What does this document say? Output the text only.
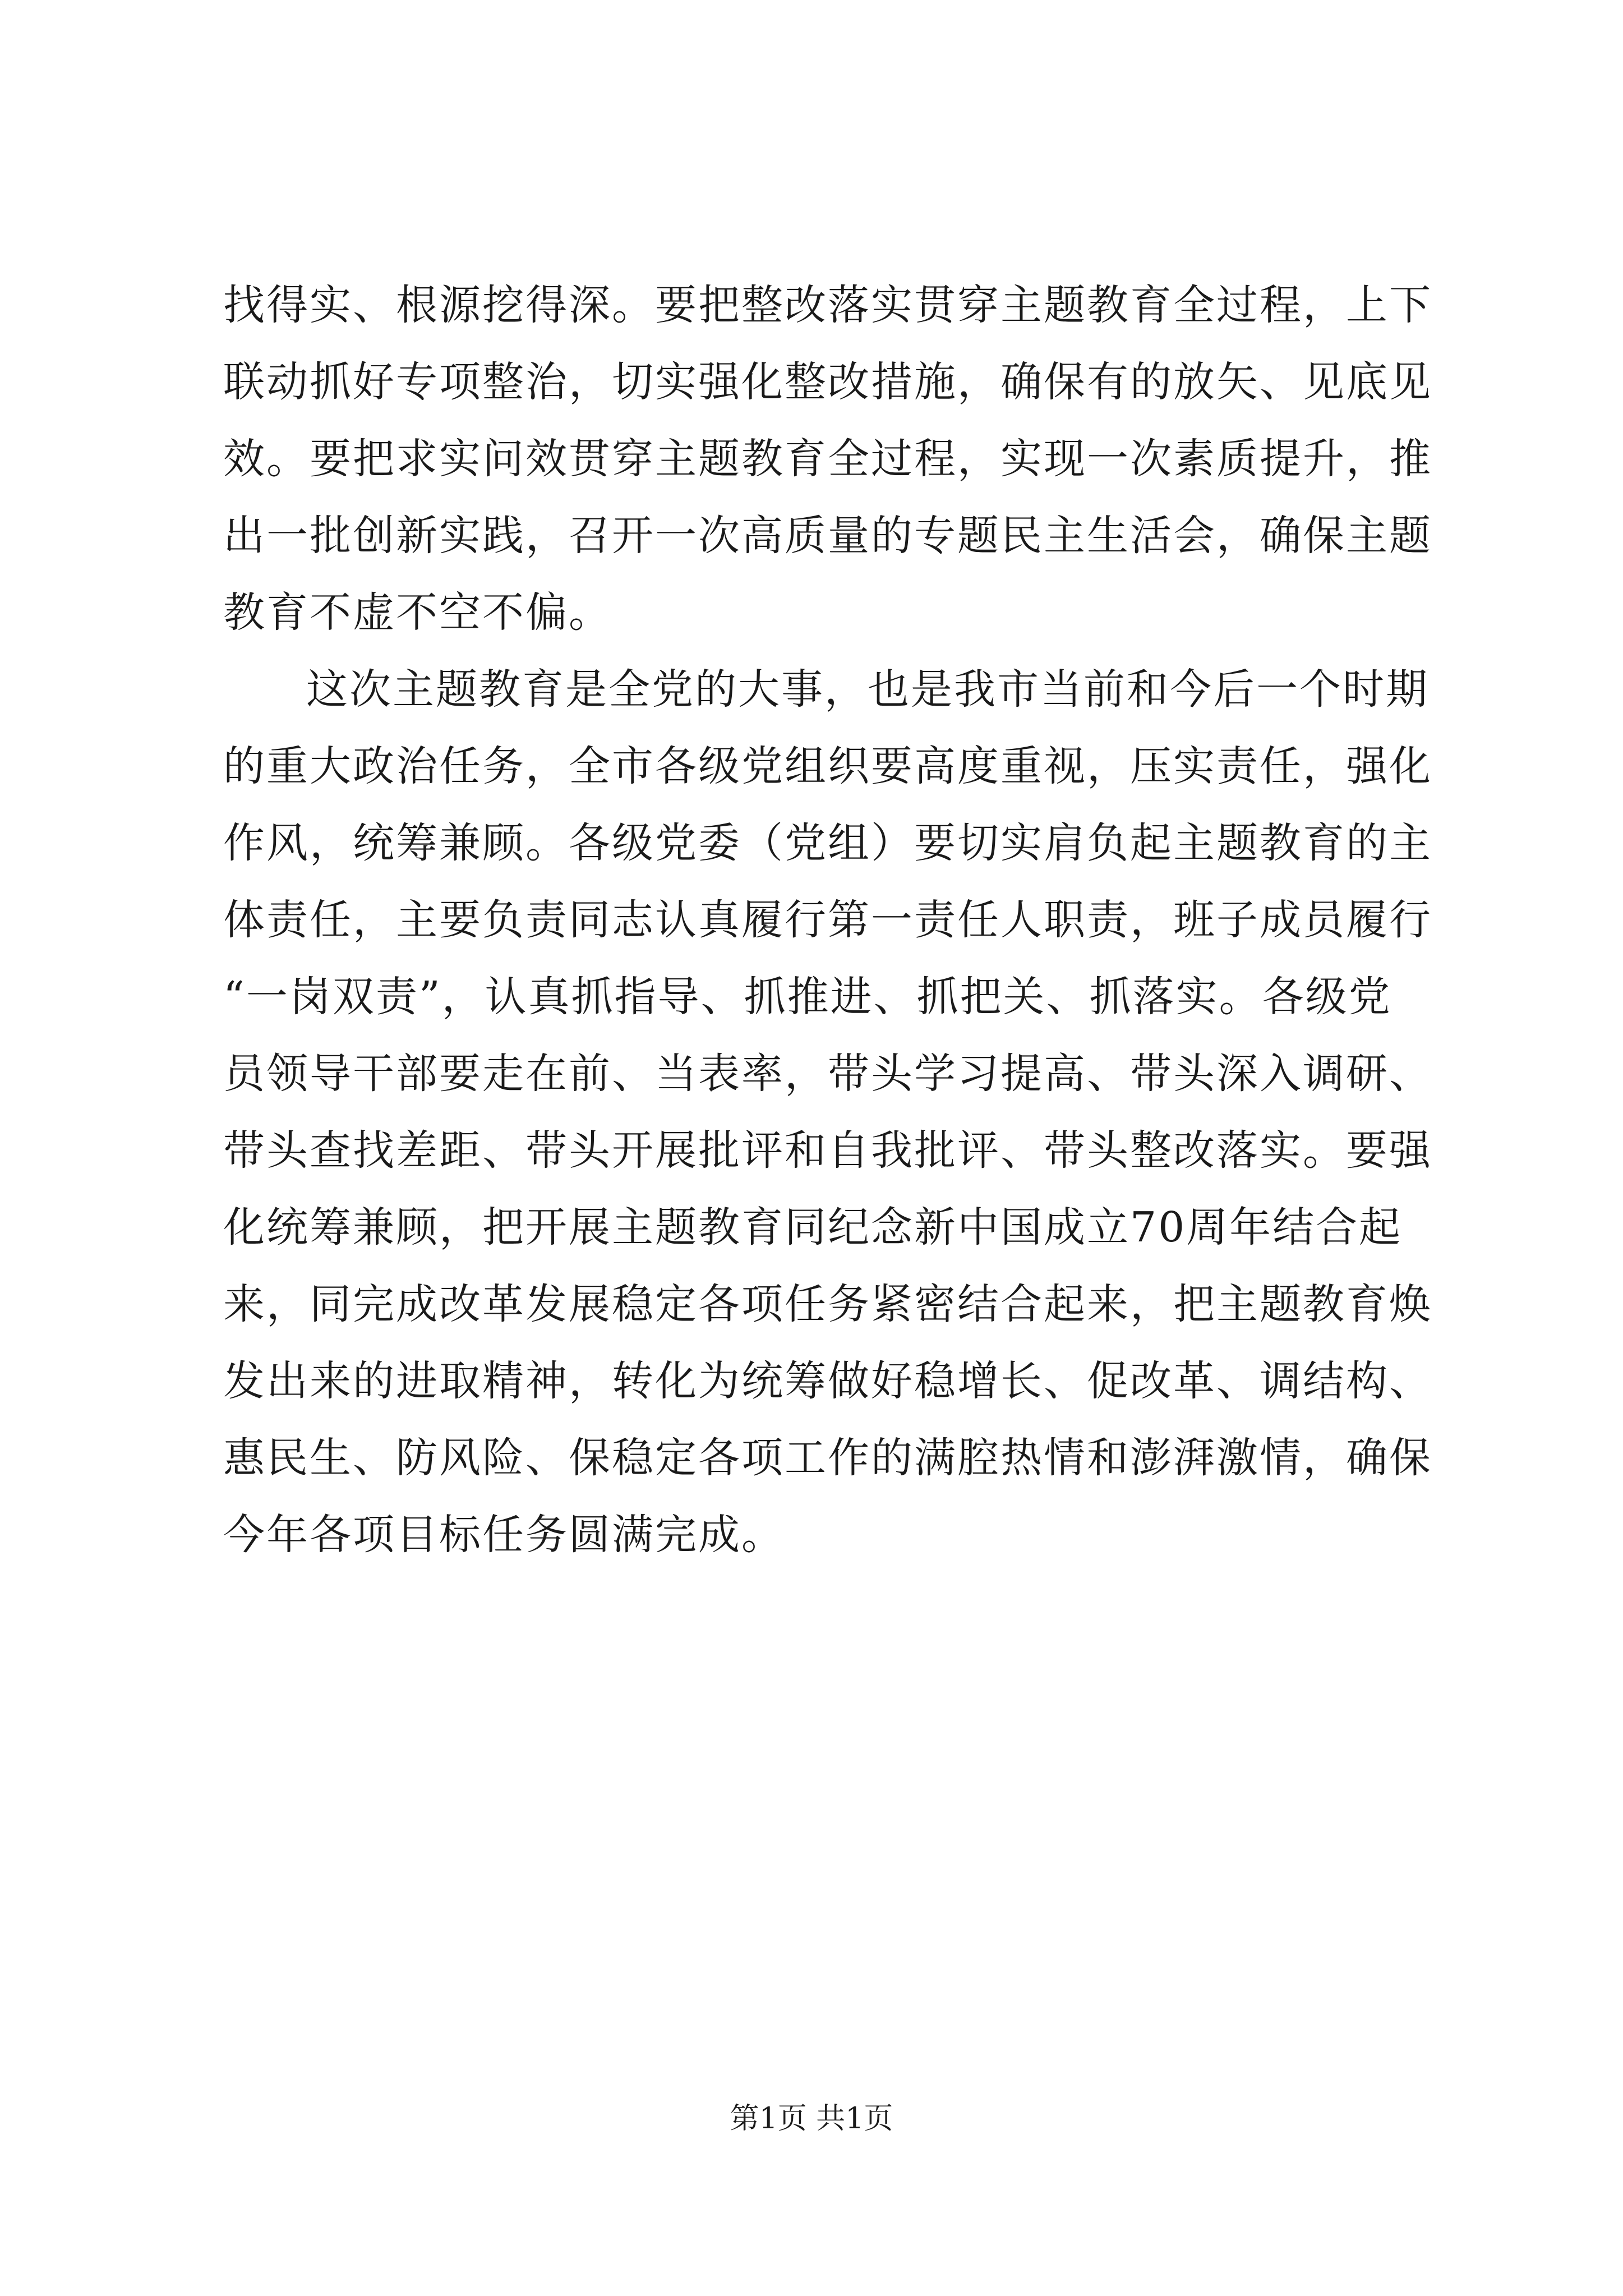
找得实、根源挖得深。要把整改落实贯穿主题教育全过程，上下
联动抓好专项整治，切实强化整改措施，确保有的放矢、见底见
效。要把求实问效贯穿主题教育全过程，实现一次素质提升，推
出一批创新实践，召开一次高质量的专题民主生活会，确保主题
教育不虚不空不偏。
这次主题教育是全党的大事，也是我市当前和今后一个时期
的重大政治任务，全市各级党组织要高度重视，压实责任，强化
作风，统筹兼顾。各级党委（党组）要切实肩负起主题教育的主
体责任，主要负责同志认真履行第一责任人职责，班子成员履行
“一岗双责”，认真抓指导、抓推进、抓把关、抓落实。各级党
员领导干部要走在前、当表率，带头学习提高、带头深入调研、
带头查找差距、带头开展批评和自我批评、带头整改落实。要强
化统筹兼顾，把开展主题教育同纪念新中国成立70周年结合起
来，同完成改革发展稳定各项任务紧密结合起来，把主题教育焕
发出来的进取精神，转化为统筹做好稳增长、促改革、调结构、
惠民生、防风险、保稳定各项工作的满腔热情和澎湃激情，确保
今年各项目标任务圆满完成。
第1页 共1页
